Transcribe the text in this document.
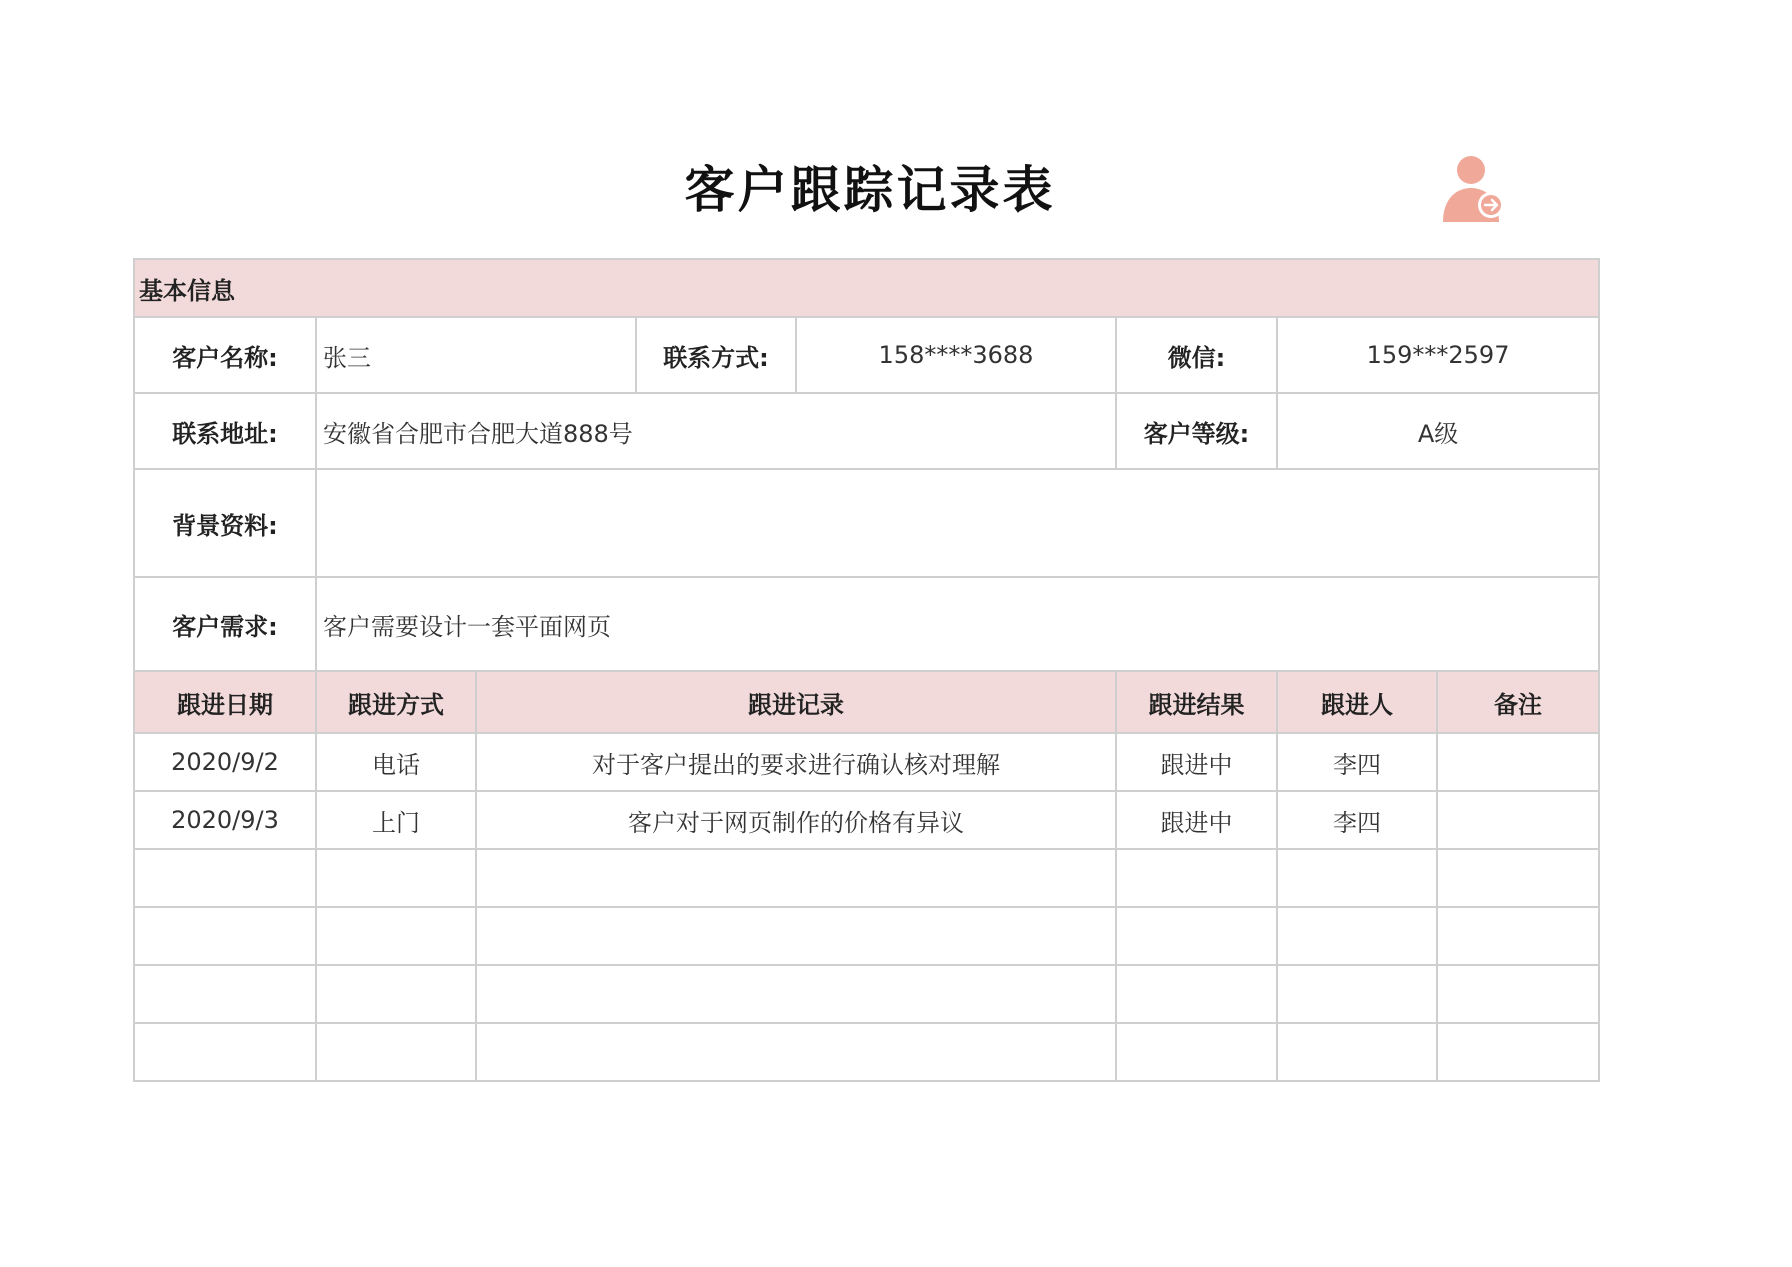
客户跟踪记录表
基本信息							
客户名称:	张三		联系方式:	158****3688	微信:	159***2597	
联系地址:	安徽省合肥市合肥大道888号				客户等级:	A级	
背景资料:							
客户需求:	客户需要设计一套平面网页						
跟进日期	跟进方式	跟进记录			跟进结果	跟进人	备注
2020/9/2	电话	对于客户提出的要求进行确认核对理解			跟进中	李四	
2020/9/3	上门	客户对于网页制作的价格有异议			跟进中	李四	
